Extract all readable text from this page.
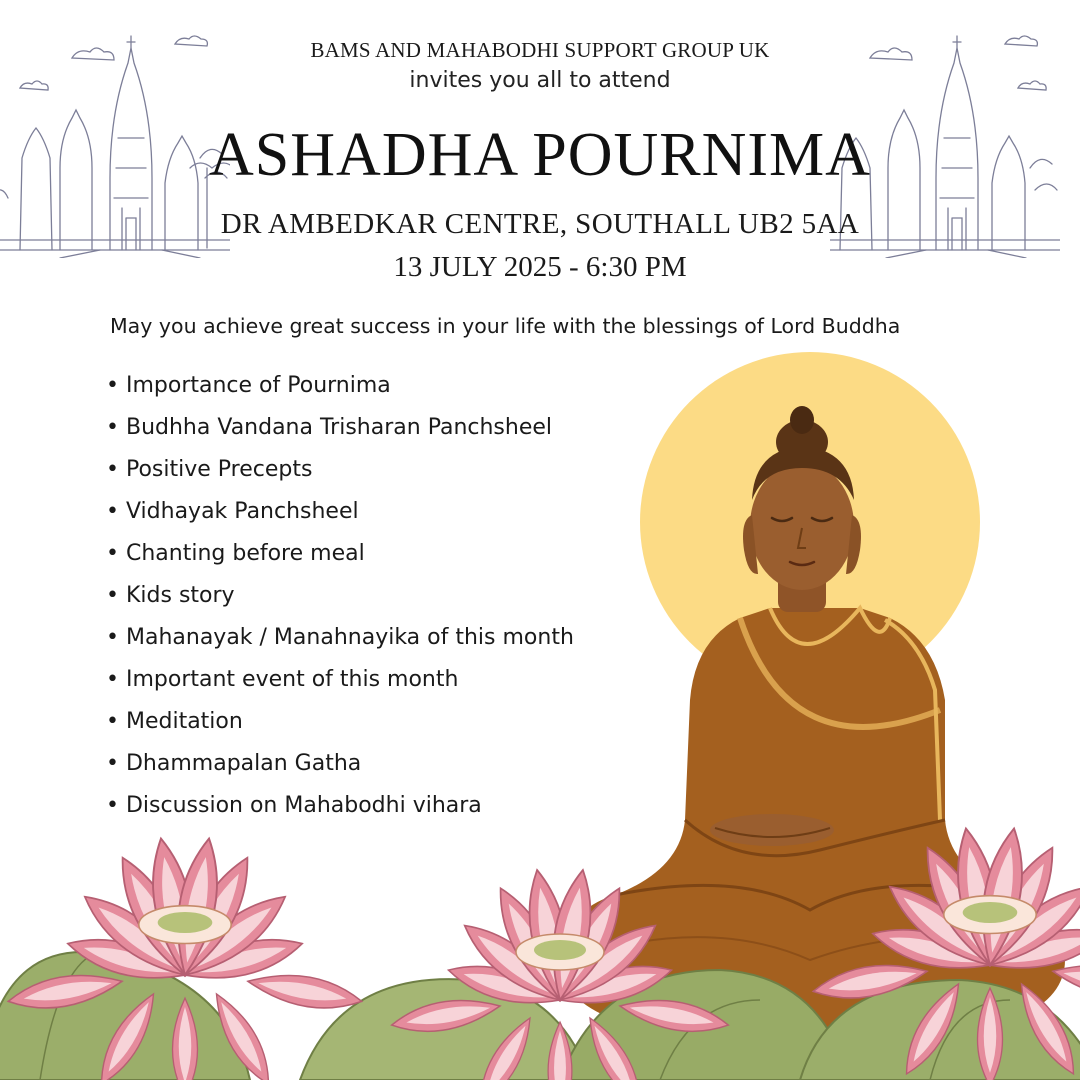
BAMS AND MAHABODHI SUPPORT GROUP UK
invites you all to attend
ASHADHA POURNIMA
DR AMBEDKAR CENTRE, SOUTHALL UB2 5AA
13 JULY 2025 - 6:30 PM
May you achieve great success in your life with the blessings of Lord Buddha
• Importance of Pournima
• Budhha Vandana Trisharan Panchsheel
• Positive Precepts
• Vidhayak Panchsheel
• Chanting before meal
• Kids story
• Mahanayak / Manahnayika of this month
• Important event of this month
• Meditation
• Dhammapalan Gatha
• Discussion on Mahabodhi vihara
